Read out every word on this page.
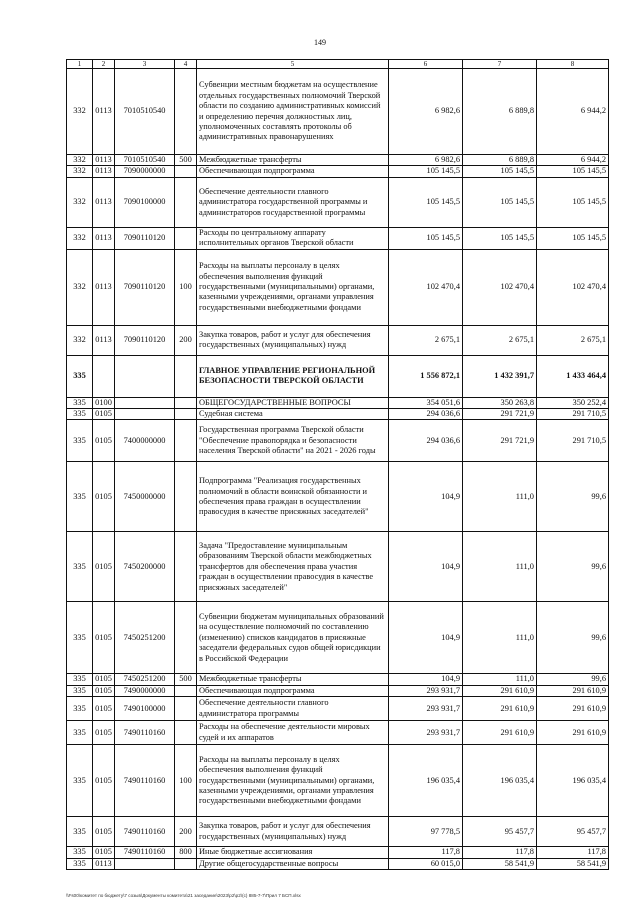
149
1	2	3	4	5	6	7	8
332	0113	7010510540		Субвенции местным бюджетам на осуществление отдельных государственных полномочий Тверской области по созданию административных комиссий и определению перечня должностных лиц, уполномоченных составлять протоколы об административных правонарушениях	6 982,6	6 889,8	6 944,2
332	0113	7010510540	500	Межбюджетные трансферты	6 982,6	6 889,8	6 944,2
332	0113	7090000000		Обеспечивающая подпрограмма	105 145,5	105 145,5	105 145,5
332	0113	7090100000		Обеспечение деятельности главного администратора государственной программы и администраторов государственной программы	105 145,5	105 145,5	105 145,5
332	0113	7090110120		Расходы по центральному аппарату исполнительных органов Тверской области	105 145,5	105 145,5	105 145,5
332	0113	7090110120	100	Расходы на выплаты персоналу в целях обеспечения выполнения функций государственными (муниципальными) органами, казенными учреждениями, органами управления государственными внебюджетными фондами	102 470,4	102 470,4	102 470,4
332	0113	7090110120	200	Закупка товаров, работ и услуг для обеспечения государственных (муниципальных) нужд	2 675,1	2 675,1	2 675,1
335				ГЛАВНОЕ УПРАВЛЕНИЕ РЕГИОНАЛЬНОЙ БЕЗОПАСНОСТИ ТВЕРСКОЙ ОБЛАСТИ	1 556 872,1	1 432 391,7	1 433 464,4
335	0100			ОБЩЕГОСУДАРСТВЕННЫЕ ВОПРОСЫ	354 051,6	350 263,8	350 252,4
335	0105			Судебная система	294 036,6	291 721,9	291 710,5
335	0105	7400000000		Государственная программа Тверской области "Обеспечение правопорядка и безопасности населения Тверской области" на 2021 - 2026 годы	294 036,6	291 721,9	291 710,5
335	0105	7450000000		Подпрограмма "Реализация государственных полномочий в области воинской обязанности и обеспечения права граждан в осуществлении правосудия в качестве присяжных заседателей"	104,9	111,0	99,6
335	0105	7450200000		Задача "Предоставление муниципальным образованиям Тверской области межбюджетных трансфертов для обеспечения права участия граждан в осуществлении правосудия в качестве присяжных заседателей"	104,9	111,0	99,6
335	0105	7450251200		Субвенции бюджетам муниципальных образований на осуществление полномочий по составлению (изменению) списков кандидатов в присяжные заседатели федеральных судов общей юрисдикции в Российской Федерации	104,9	111,0	99,6
335	0105	7450251200	500	Межбюджетные трансферты	104,9	111,0	99,6
335	0105	7490000000		Обеспечивающая подпрограмма	293 931,7	291 610,9	291 610,9
335	0105	7490100000		Обеспечение деятельности главного администратора программы	293 931,7	291 610,9	291 610,9
335	0105	7490110160		Расходы на обеспечение деятельности мировых судей и их аппаратов	293 931,7	291 610,9	291 610,9
335	0105	7490110160	100	Расходы на выплаты персоналу в целях обеспечения выполнения функций государственными (муниципальными) органами, казенными учреждениями, органами управления государственными внебюджетными фондами	196 035,4	196 035,4	196 035,4
335	0105	7490110160	200	Закупка товаров, работ и услуг для обеспечения государственных (муниципальных) нужд	97 778,5	95 457,7	95 457,7
335	0105	7490110160	800	Иные бюджетные ассигнования	117,8	117,8	117,8
335	0113			Другие общегосударственные вопросы	60 015,0	58 541,9	58 541,9
\\Fs00\комитет по бюджету\7 созыв\Документы комитета\21 заседание\2023\р2\р2\(с) 885-7-7\Прил 7 БСП.xlsx
